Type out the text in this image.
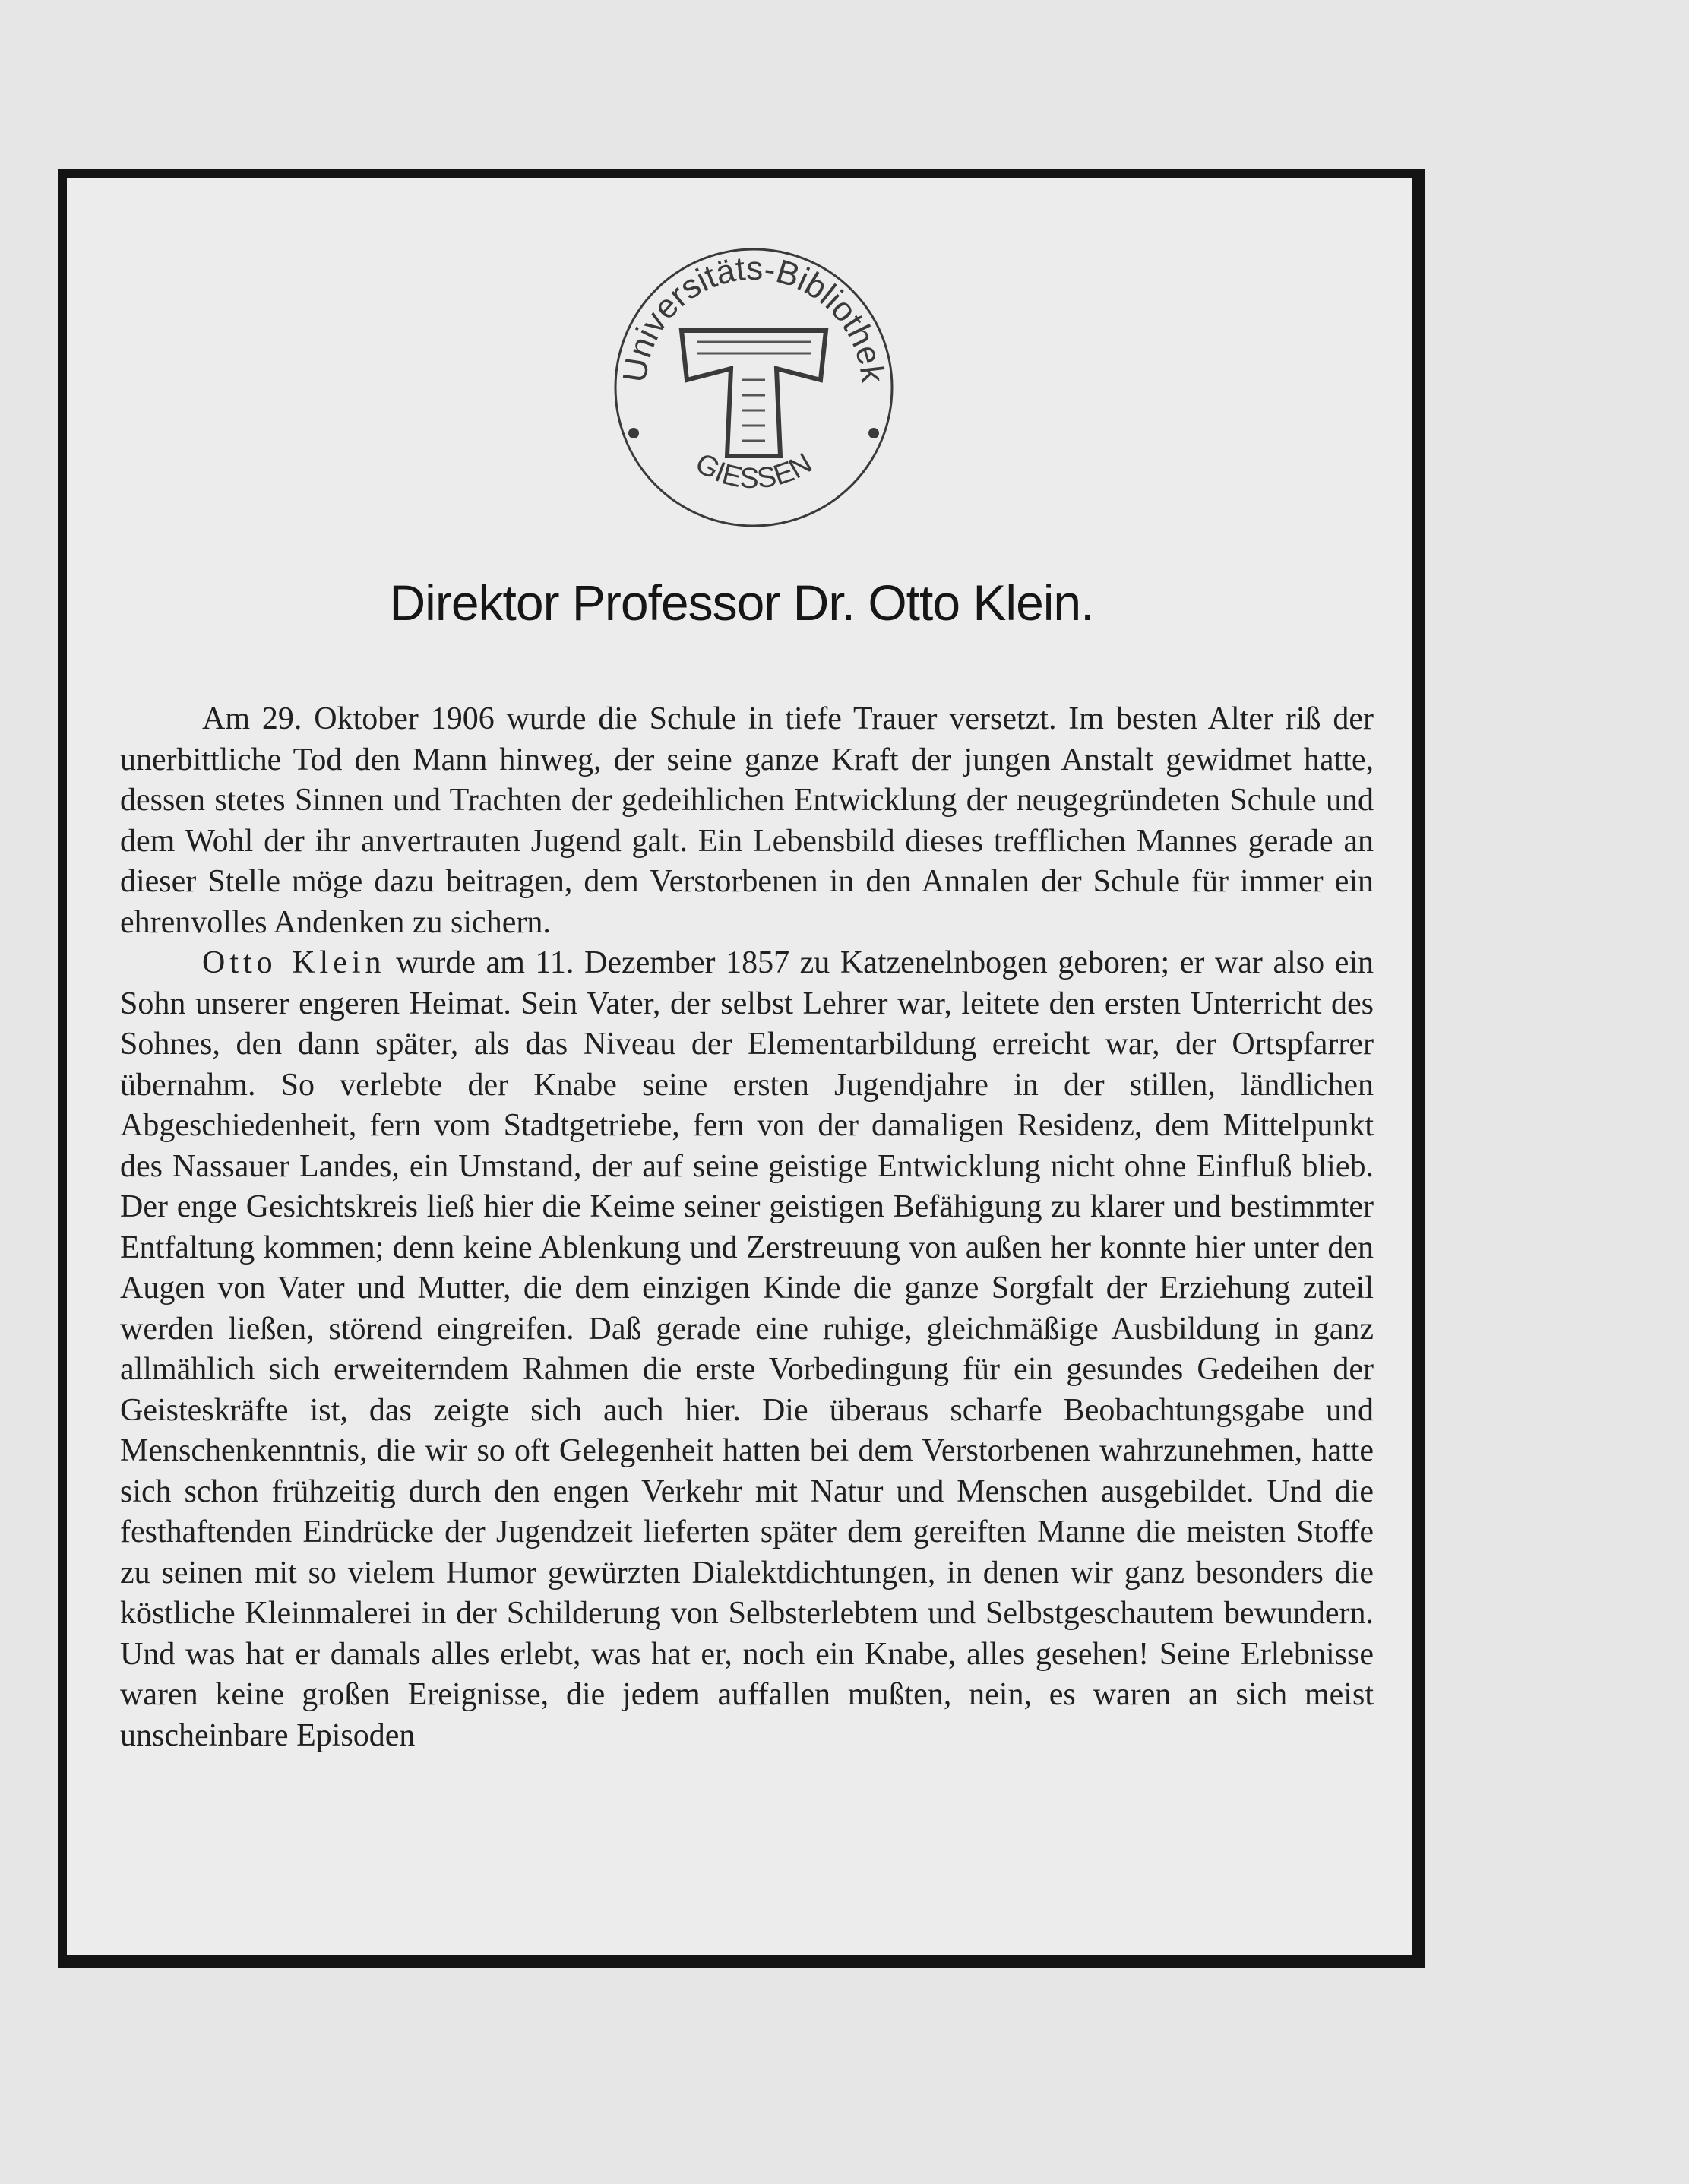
Universitäts-Bibliothek
GIESSEN
Direktor Professor Dr. Otto Klein.

Am 29. Oktober 1906 wurde die Schule in tiefe Trauer versetzt. Im besten Alter riß der unerbittliche Tod den Mann hinweg, der seine ganze Kraft der jungen Anstalt gewidmet hatte, dessen stetes Sinnen und Trachten der gedeihlichen Entwicklung der neugegründeten Schule und dem Wohl der ihr anvertrauten Jugend galt. Ein Lebensbild dieses trefflichen Mannes gerade an dieser Stelle möge dazu beitragen, dem Verstorbenen in den Annalen der Schule für immer ein ehrenvolles Andenken zu sichern.

Otto Klein wurde am 11. Dezember 1857 zu Katzenelnbogen geboren; er war also ein Sohn unserer engeren Heimat. Sein Vater, der selbst Lehrer war, leitete den ersten Unterricht des Sohnes, den dann später, als das Niveau der Elementarbildung erreicht war, der Ortspfarrer übernahm. So verlebte der Knabe seine ersten Jugendjahre in der stillen, ländlichen Abgeschiedenheit, fern vom Stadtgetriebe, fern von der damaligen Residenz, dem Mittelpunkt des Nassauer Landes, ein Umstand, der auf seine geistige Entwicklung nicht ohne Einfluß blieb. Der enge Gesichtskreis ließ hier die Keime seiner geistigen Befähigung zu klarer und bestimmter Entfaltung kommen; denn keine Ablenkung und Zerstreuung von außen her konnte hier unter den Augen von Vater und Mutter, die dem einzigen Kinde die ganze Sorgfalt der Erziehung zuteil werden ließen, störend eingreifen. Daß gerade eine ruhige, gleichmäßige Ausbildung in ganz allmählich sich erweiterndem Rahmen die erste Vorbedingung für ein gesundes Gedeihen der Geisteskräfte ist, das zeigte sich auch hier. Die überaus scharfe Beobachtungsgabe und Menschenkenntnis, die wir so oft Gelegenheit hatten bei dem Verstorbenen wahrzunehmen, hatte sich schon frühzeitig durch den engen Verkehr mit Natur und Menschen ausgebildet. Und die festhaftenden Eindrücke der Jugendzeit lieferten später dem gereiften Manne die meisten Stoffe zu seinen mit so vielem Humor gewürzten Dialektdichtungen, in denen wir ganz besonders die köstliche Kleinmalerei in der Schilderung von Selbsterlebtem und Selbstgeschautem bewundern. Und was hat er damals alles erlebt, was hat er, noch ein Knabe, alles gesehen! Seine Erlebnisse waren keine großen Ereignisse, die jedem auffallen mußten, nein, es waren an sich meist unscheinbare Episoden
